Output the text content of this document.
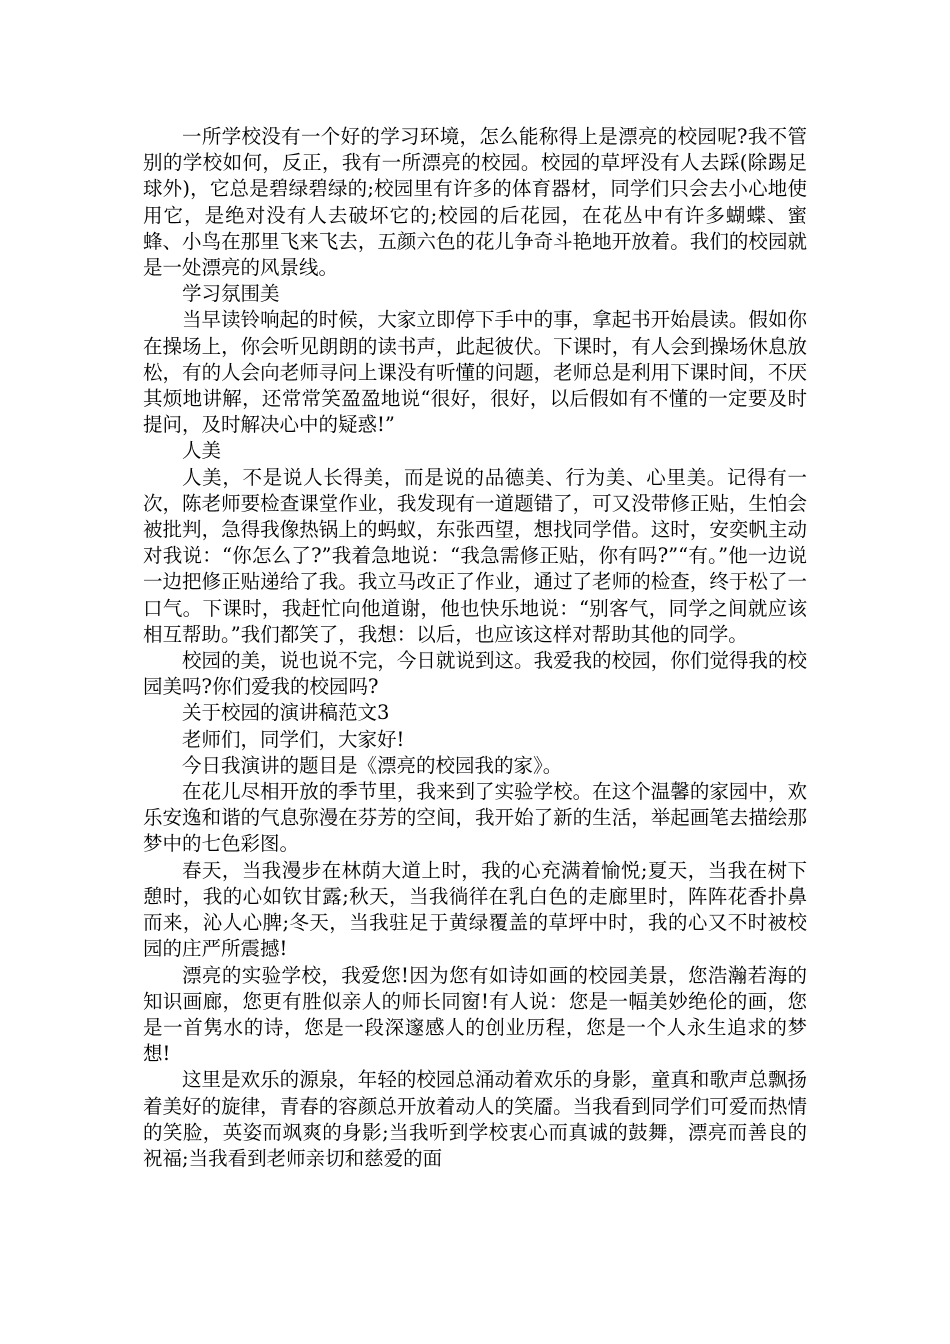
一所学校没有一个好的学习环境，怎么能称得上是漂亮的校园呢?我不管别的学校如何，反正，我有一所漂亮的校园。校园的草坪没有人去踩(除踢足球外)，它总是碧绿碧绿的;校园里有许多的体育器材，同学们只会去小心地使用它，是绝对没有人去破坏它的;校园的后花园，在花丛中有许多蝴蝶、蜜蜂、小鸟在那里飞来飞去，五颜六色的花儿争奇斗艳地开放着。我们的校园就是一处漂亮的风景线。

学习氛围美

当早读铃响起的时候，大家立即停下手中的事，拿起书开始晨读。假如你在操场上，你会听见朗朗的读书声，此起彼伏。下课时，有人会到操场休息放松，有的人会向老师寻问上课没有听懂的问题，老师总是利用下课时间，不厌其烦地讲解，还常常笑盈盈地说“很好，很好，以后假如有不懂的一定要及时提问，及时解决心中的疑惑!”

人美

人美，不是说人长得美，而是说的品德美、行为美、心里美。记得有一次，陈老师要检查课堂作业，我发现有一道题错了，可又没带修正贴，生怕会被批判，急得我像热锅上的蚂蚁，东张西望，想找同学借。这时，安奕帆主动对我说：“你怎么了?”我着急地说：“我急需修正贴，你有吗?”“有。”他一边说一边把修正贴递给了我。我立马改正了作业，通过了老师的检查，终于松了一口气。下课时，我赶忙向他道谢，他也快乐地说：“别客气，同学之间就应该相互帮助。”我们都笑了，我想：以后，也应该这样对帮助其他的同学。

校园的美，说也说不完，今日就说到这。我爱我的校园，你们觉得我的校园美吗?你们爱我的校园吗?

关于校园的演讲稿范文3

老师们，同学们，大家好!

今日我演讲的题目是《漂亮的校园我的家》。

在花儿尽相开放的季节里，我来到了实验学校。在这个温馨的家园中，欢乐安逸和谐的气息弥漫在芬芳的空间，我开始了新的生活，举起画笔去描绘那梦中的七色彩图。

春天，当我漫步在林荫大道上时，我的心充满着愉悦;夏天，当我在树下憩时，我的心如钦甘露;秋天，当我徜徉在乳白色的走廊里时，阵阵花香扑鼻而来，沁人心脾;冬天，当我驻足于黄绿覆盖的草坪中时，我的心又不时被校园的庄严所震撼!

漂亮的实验学校，我爱您!因为您有如诗如画的校园美景，您浩瀚若海的知识画廊，您更有胜似亲人的师长同窗!有人说：您是一幅美妙绝伦的画，您是一首隽水的诗，您是一段深邃感人的创业历程，您是一个人永生追求的梦想!

这里是欢乐的源泉，年轻的校园总涌动着欢乐的身影，童真和歌声总飘扬着美好的旋律，青春的容颜总开放着动人的笑靥。当我看到同学们可爱而热情的笑脸，英姿而飒爽的身影;当我听到学校衷心而真诚的鼓舞，漂亮而善良的祝福;当我看到老师亲切和慈爱的面
